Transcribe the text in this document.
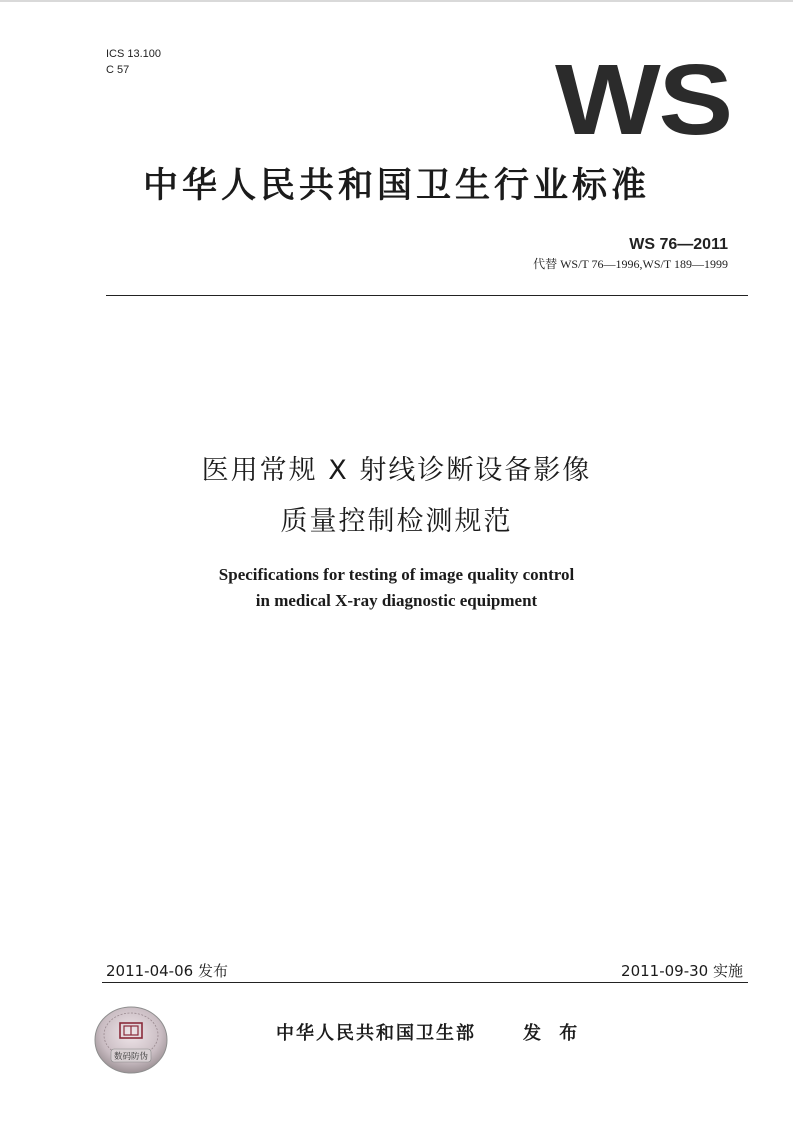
ICS 13.100
C 57	WS
中华人民共和国卫生行业标准
WS 76—2011
代替 WS/T 76—1996,WS/T 189—1999
医用常规 X 射线诊断设备影像
质量控制检测规范
Specifications for testing of image quality control
in medical X-ray diagnostic equipment
2011-04-06 发布	2011-09-30 实施
数码防伪
中华人民共和国卫生部	发 布
